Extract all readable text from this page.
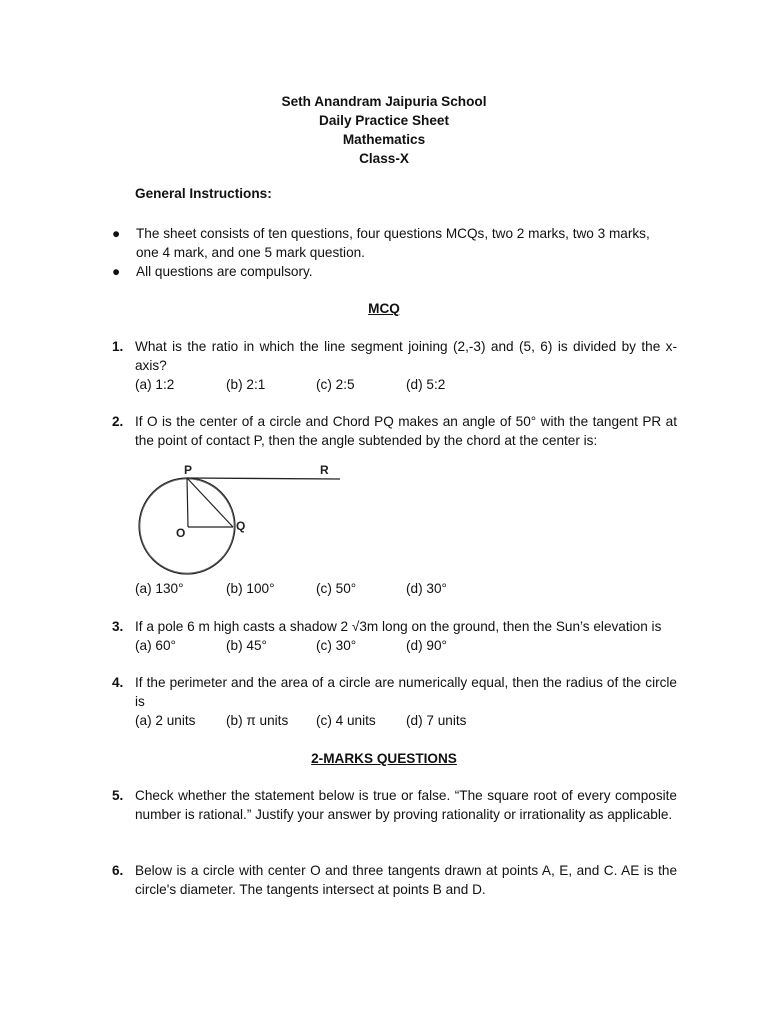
Seth Anandram Jaipuria School
Daily Practice Sheet
Mathematics
Class-X
General Instructions:
● The sheet consists of ten questions, four questions MCQs, two 2 marks, two 3 marks, one 4 mark, and one 5 mark question.
● All questions are compulsory.
MCQ
1. What is the ratio in which the line segment joining (2,-3) and (5, 6) is divided by the x-axis?
(a) 1:2	(b) 2:1	(c) 2:5	(d) 5:2
2. If O is the center of a circle and Chord PQ makes an angle of 50° with the tangent PR at the point of contact P, then the angle subtended by the chord at the center is:
P	R
O	Q
(a) 130°	(b) 100°	(c) 50°	(d) 30°
3. If a pole 6 m high casts a shadow 2 √3m long on the ground, then the Sun’s elevation is
(a) 60°	(b) 45°	(c) 30°	(d) 90°
4. If the perimeter and the area of a circle are numerically equal, then the radius of the circle is
(a) 2 units (b) π units (c) 4 units (d) 7 units
2-MARKS QUESTIONS
5. Check whether the statement below is true or false. “The square root of every composite number is rational.” Justify your answer by proving rationality or irrationality as applicable.
6. Below is a circle with center O and three tangents drawn at points A, E, and C. AE is the circle's diameter. The tangents intersect at points B and D.
